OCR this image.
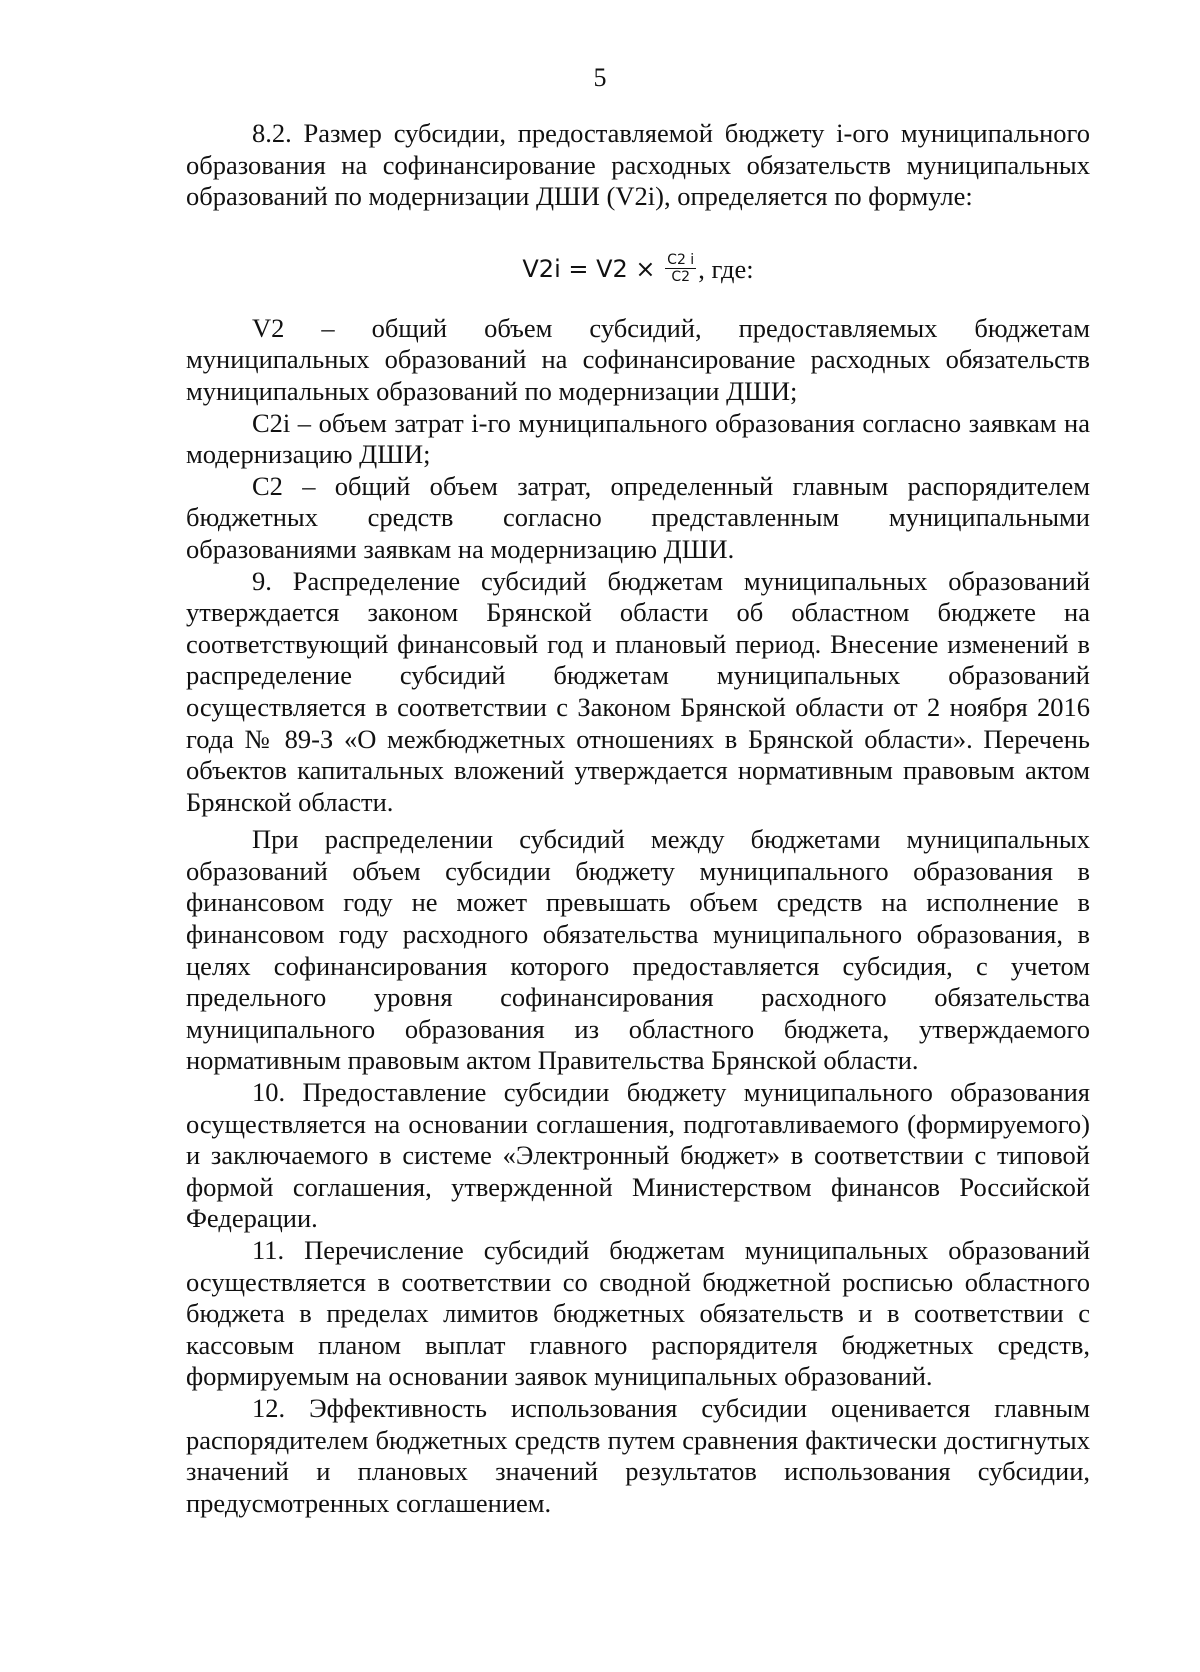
5

8.2. Размер субсидии, предоставляемой бюджету i-ого муниципального образования на софинансирование расходных обязательств муниципальных образований по модернизации ДШИ (V2i), определяется по формуле:

$V2i = V2 \times \frac{C2 i}{C2}$ , где:

V2 – общий объем субсидий, предоставляемых бюджетам муниципальных образований на софинансирование расходных обязательств муниципальных образований по модернизации ДШИ;

C2i – объем затрат i-го муниципального образования согласно заявкам на модернизацию ДШИ;

C2 – общий объем затрат, определенный главным распорядителем бюджетных средств согласно представленным муниципальными образованиями заявкам на модернизацию ДШИ.

9. Распределение субсидий бюджетам муниципальных образований утверждается законом Брянской области об областном бюджете на соответствующий финансовый год и плановый период. Внесение изменений в распределение субсидий бюджетам муниципальных образований осуществляется в соответствии с Законом Брянской области от 2 ноября 2016 года № 89-З «О межбюджетных отношениях в Брянской области». Перечень объектов капитальных вложений утверждается нормативным правовым актом Брянской области.

При распределении субсидий между бюджетами муниципальных образований объем субсидии бюджету муниципального образования в финансовом году не может превышать объем средств на исполнение в финансовом году расходного обязательства муниципального образования, в целях софинансирования которого предоставляется субсидия, с учетом предельного уровня софинансирования расходного обязательства муниципального образования из областного бюджета, утверждаемого нормативным правовым актом Правительства Брянской области.

10. Предоставление субсидии бюджету муниципального образования осуществляется на основании соглашения, подготавливаемого (формируемого) и заключаемого в системе «Электронный бюджет» в соответствии с типовой формой соглашения, утвержденной Министерством финансов Российской Федерации.

11. Перечисление субсидий бюджетам муниципальных образований осуществляется в соответствии со сводной бюджетной росписью областного бюджета в пределах лимитов бюджетных обязательств и в соответствии с кассовым планом выплат главного распорядителя бюджетных средств, формируемым на основании заявок муниципальных образований.

12. Эффективность использования субсидии оценивается главным распорядителем бюджетных средств путем сравнения фактически достигнутых значений и плановых значений результатов использования субсидии, предусмотренных соглашением.
